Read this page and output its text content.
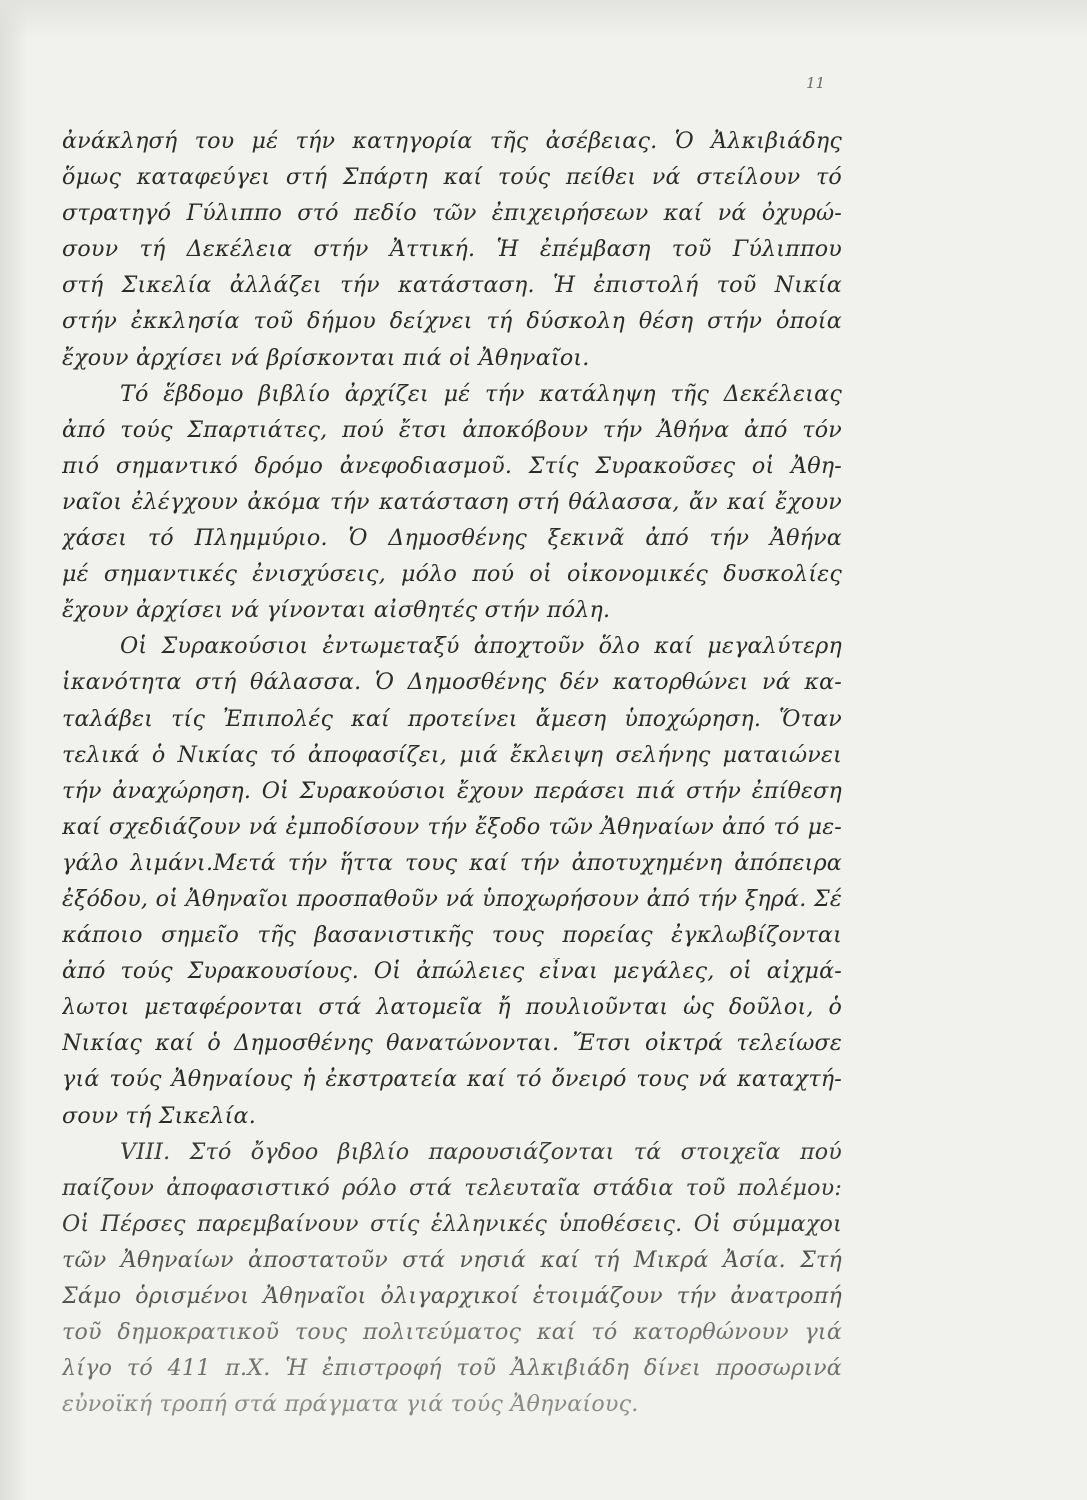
11
ἀνάκλησή του μέ τήν κατηγορία τῆς ἀσέβειας. Ὁ Ἀλκιβιάδης
ὅμως καταφεύγει στή Σπάρτη καί τούς πείθει νά στείλουν τό
στρατηγό Γύλιππο στό πεδίο τῶν ἐπιχειρήσεων καί νά ὀχυρώ-
σουν τή Δεκέλεια στήν Ἀττική. Ἡ ἐπέμβαση τοῦ Γύλιππου
στή Σικελία ἀλλάζει τήν κατάσταση. Ἡ ἐπιστολή τοῦ Νικία
στήν ἐκκλησία τοῦ δήμου δείχνει τή δύσκολη θέση στήν ὁποία
ἔχουν ἀρχίσει νά βρίσκονται πιά οἱ Ἀθηναῖοι.
Τό ἕβδομο βιβλίο ἀρχίζει μέ τήν κατάληψη τῆς Δεκέλειας
ἀπό τούς Σπαρτιάτες, πού ἔτσι ἀποκόβουν τήν Ἀθήνα ἀπό τόν
πιό σημαντικό δρόμο ἀνεφοδιασμοῦ. Στίς Συρακοῦσες οἱ Ἀθη-
ναῖοι ἐλέγχουν ἀκόμα τήν κατάσταση στή θάλασσα, ἄν καί ἔχουν
χάσει τό Πλημμύριο. Ὁ Δημοσθένης ξεκινᾶ ἀπό τήν Ἀθήνα
μέ σημαντικές ἐνισχύσεις, μόλο πού οἱ οἰκονομικές δυσκολίες
ἔχουν ἀρχίσει νά γίνονται αἰσθητές στήν πόλη.
Οἱ Συρακούσιοι ἐντωμεταξύ ἀποχτοῦν ὅλο καί μεγαλύτερη
ἱκανότητα στή θάλασσα. Ὁ Δημοσθένης δέν κατορθώνει νά κα-
ταλάβει τίς Ἐπιπολές καί προτείνει ἄμεση ὑποχώρηση. Ὅταν
τελικά ὁ Νικίας τό ἀποφασίζει, μιά ἔκλειψη σελήνης ματαιώνει
τήν ἀναχώρηση. Οἱ Συρακούσιοι ἔχουν περάσει πιά στήν ἐπίθεση
καί σχεδιάζουν νά ἐμποδίσουν τήν ἔξοδο τῶν Ἀθηναίων ἀπό τό με-
γάλο λιμάνι.Μετά τήν ἥττα τους καί τήν ἀποτυχημένη ἀπόπειρα
ἐξόδου, οἱ Ἀθηναῖοι προσπαθοῦν νά ὑποχωρήσουν ἀπό τήν ξηρά. Σέ
κάποιο σημεῖο τῆς βασανιστικῆς τους πορείας ἐγκλωβίζονται
ἀπό τούς Συρακουσίους. Οἱ ἀπώλειες εἶναι μεγάλες, οἱ αἰχμά-
λωτοι μεταφέρονται στά λατομεῖα ἤ πουλιοῦνται ὡς δοῦλοι, ὁ
Νικίας καί ὁ Δημοσθένης θανατώνονται. Ἔτσι οἰκτρά τελείωσε
γιά τούς Ἀθηναίους ἡ ἐκστρατεία καί τό ὄνειρό τους νά καταχτή-
σουν τή Σικελία.
VIII. Στό ὄγδοο βιβλίο παρουσιάζονται τά στοιχεῖα πού
παίζουν ἀποφασιστικό ρόλο στά τελευταῖα στάδια τοῦ πολέμου:
Οἱ Πέρσες παρεμβαίνουν στίς ἑλληνικές ὑποθέσεις. Οἱ σύμμαχοι
τῶν Ἀθηναίων ἀποστατοῦν στά νησιά καί τή Μικρά Ἀσία. Στή
Σάμο ὁρισμένοι Ἀθηναῖοι ὀλιγαρχικοί ἑτοιμάζουν τήν ἀνατροπή
τοῦ δημοκρατικοῦ τους πολιτεύματος καί τό κατορθώνουν γιά
λίγο τό 411 π.Χ. Ἡ ἐπιστροφή τοῦ Ἀλκιβιάδη δίνει προσωρινά
εὐνοϊκή τροπή στά πράγματα γιά τούς Ἀθηναίους.
